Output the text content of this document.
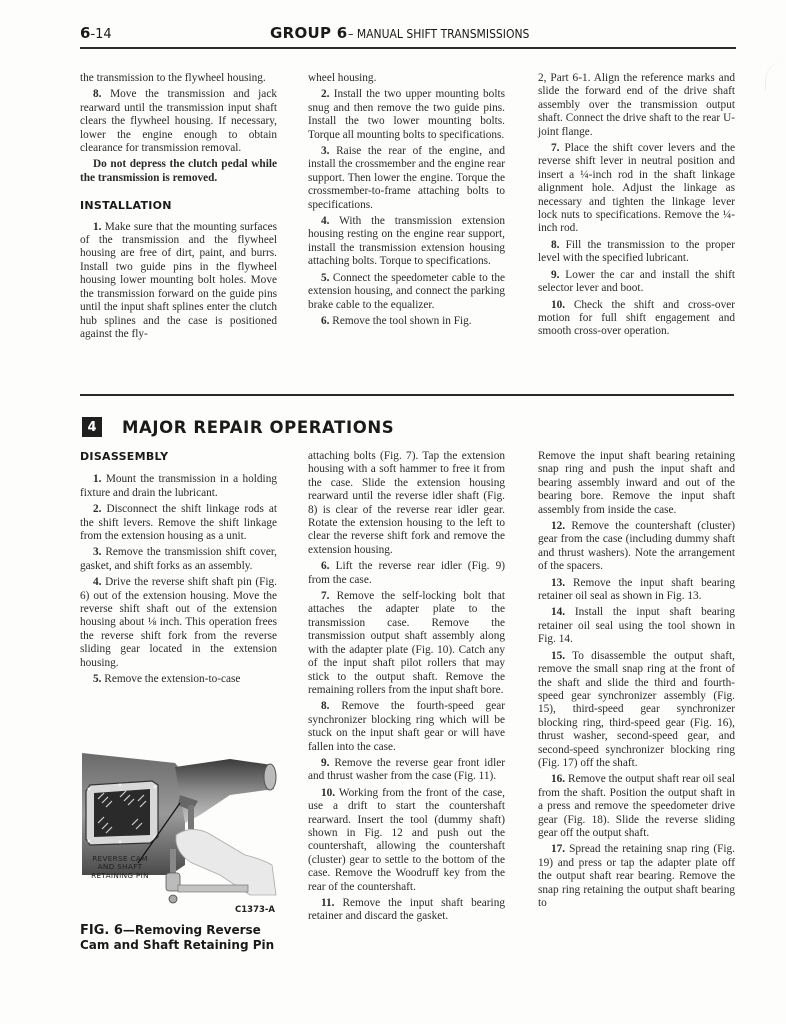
6-14	GROUP 6– MANUAL SHIFT TRANSMISSIONS

the transmission to the flywheel housing.

8. Move the transmission and jack rearward until the transmission input shaft clears the flywheel housing. If necessary, lower the engine enough to obtain clearance for transmission removal.

Do not depress the clutch pedal while the transmission is removed.

INSTALLATION

1. Make sure that the mounting surfaces of the transmission and the flywheel housing are free of dirt, paint, and burrs. Install two guide pins in the flywheel housing lower mounting bolt holes. Move the transmission forward on the guide pins until the input shaft splines enter the clutch hub splines and the case is positioned against the fly-

wheel housing.

2. Install the two upper mounting bolts snug and then remove the two guide pins. Install the two lower mounting bolts. Torque all mounting bolts to specifications.

3. Raise the rear of the engine, and install the crossmember and the engine rear support. Then lower the engine. Torque the crossmember-to-frame attaching bolts to specifications.

4. With the transmission extension housing resting on the engine rear support, install the transmission extension housing attaching bolts. Torque to specifications.

5. Connect the speedometer cable to the extension housing, and connect the parking brake cable to the equalizer.

6. Remove the tool shown in Fig.

2, Part 6-1. Align the reference marks and slide the forward end of the drive shaft assembly over the transmission output shaft. Connect the drive shaft to the rear U-joint flange.

7. Place the shift cover levers and the reverse shift lever in neutral position and insert a ¼-inch rod in the shaft linkage alignment hole. Adjust the linkage as necessary and tighten the linkage lever lock nuts to specifications. Remove the ¼-inch rod.

8. Fill the transmission to the proper level with the specified lubricant.

9. Lower the car and install the shift selector lever and boot.

10. Check the shift and cross-over motion for full shift engagement and smooth cross-over operation.

4	MAJOR REPAIR OPERATIONS
DISASSEMBLY

1. Mount the transmission in a holding fixture and drain the lubricant.

2. Disconnect the shift linkage rods at the shift levers. Remove the shift linkage from the extension housing as a unit.

3. Remove the transmission shift cover, gasket, and shift forks as an assembly.

4. Drive the reverse shift shaft pin (Fig. 6) out of the extension housing. Move the reverse shift shaft out of the extension housing about ⅛ inch. This operation frees the reverse shift fork from the reverse sliding gear located in the extension housing.

5. Remove the extension-to-case

REVERSE CAM
AND SHAFT
RETAINING PIN
C1373-A
FIG. 6—Removing Reverse Cam and Shaft Retaining Pin

attaching bolts (Fig. 7). Tap the extension housing with a soft hammer to free it from the case. Slide the extension housing rearward until the reverse idler shaft (Fig. 8) is clear of the reverse rear idler gear. Rotate the extension housing to the left to clear the reverse shift fork and remove the extension housing.

6. Lift the reverse rear idler (Fig. 9) from the case.

7. Remove the self-locking bolt that attaches the adapter plate to the transmission case. Remove the transmission output shaft assembly along with the adapter plate (Fig. 10). Catch any of the input shaft pilot rollers that may stick to the output shaft. Remove the remaining rollers from the input shaft bore.

8. Remove the fourth-speed gear synchronizer blocking ring which will be stuck on the input shaft gear or will have fallen into the case.

9. Remove the reverse gear front idler and thrust washer from the case (Fig. 11).

10. Working from the front of the case, use a drift to start the countershaft rearward. Insert the tool (dummy shaft) shown in Fig. 12 and push out the countershaft, allowing the countershaft (cluster) gear to settle to the bottom of the case. Remove the Woodruff key from the rear of the countershaft.

11. Remove the input shaft bearing retainer and discard the gasket.

Remove the input shaft bearing retaining snap ring and push the input shaft and bearing assembly inward and out of the bearing bore. Remove the input shaft assembly from inside the case.

12. Remove the countershaft (cluster) gear from the case (including dummy shaft and thrust washers). Note the arrangement of the spacers.

13. Remove the input shaft bearing retainer oil seal as shown in Fig. 13.

14. Install the input shaft bearing retainer oil seal using the tool shown in Fig. 14.

15. To disassemble the output shaft, remove the small snap ring at the front of the shaft and slide the third and fourth-speed gear synchronizer assembly (Fig. 15), third-speed gear synchronizer blocking ring, third-speed gear (Fig. 16), thrust washer, second-speed gear, and second-speed synchronizer blocking ring (Fig. 17) off the shaft.

16. Remove the output shaft rear oil seal from the shaft. Position the output shaft in a press and remove the speedometer drive gear (Fig. 18). Slide the reverse sliding gear off the output shaft.

17. Spread the retaining snap ring (Fig. 19) and press or tap the adapter plate off the output shaft rear bearing. Remove the snap ring retaining the output shaft bearing to
